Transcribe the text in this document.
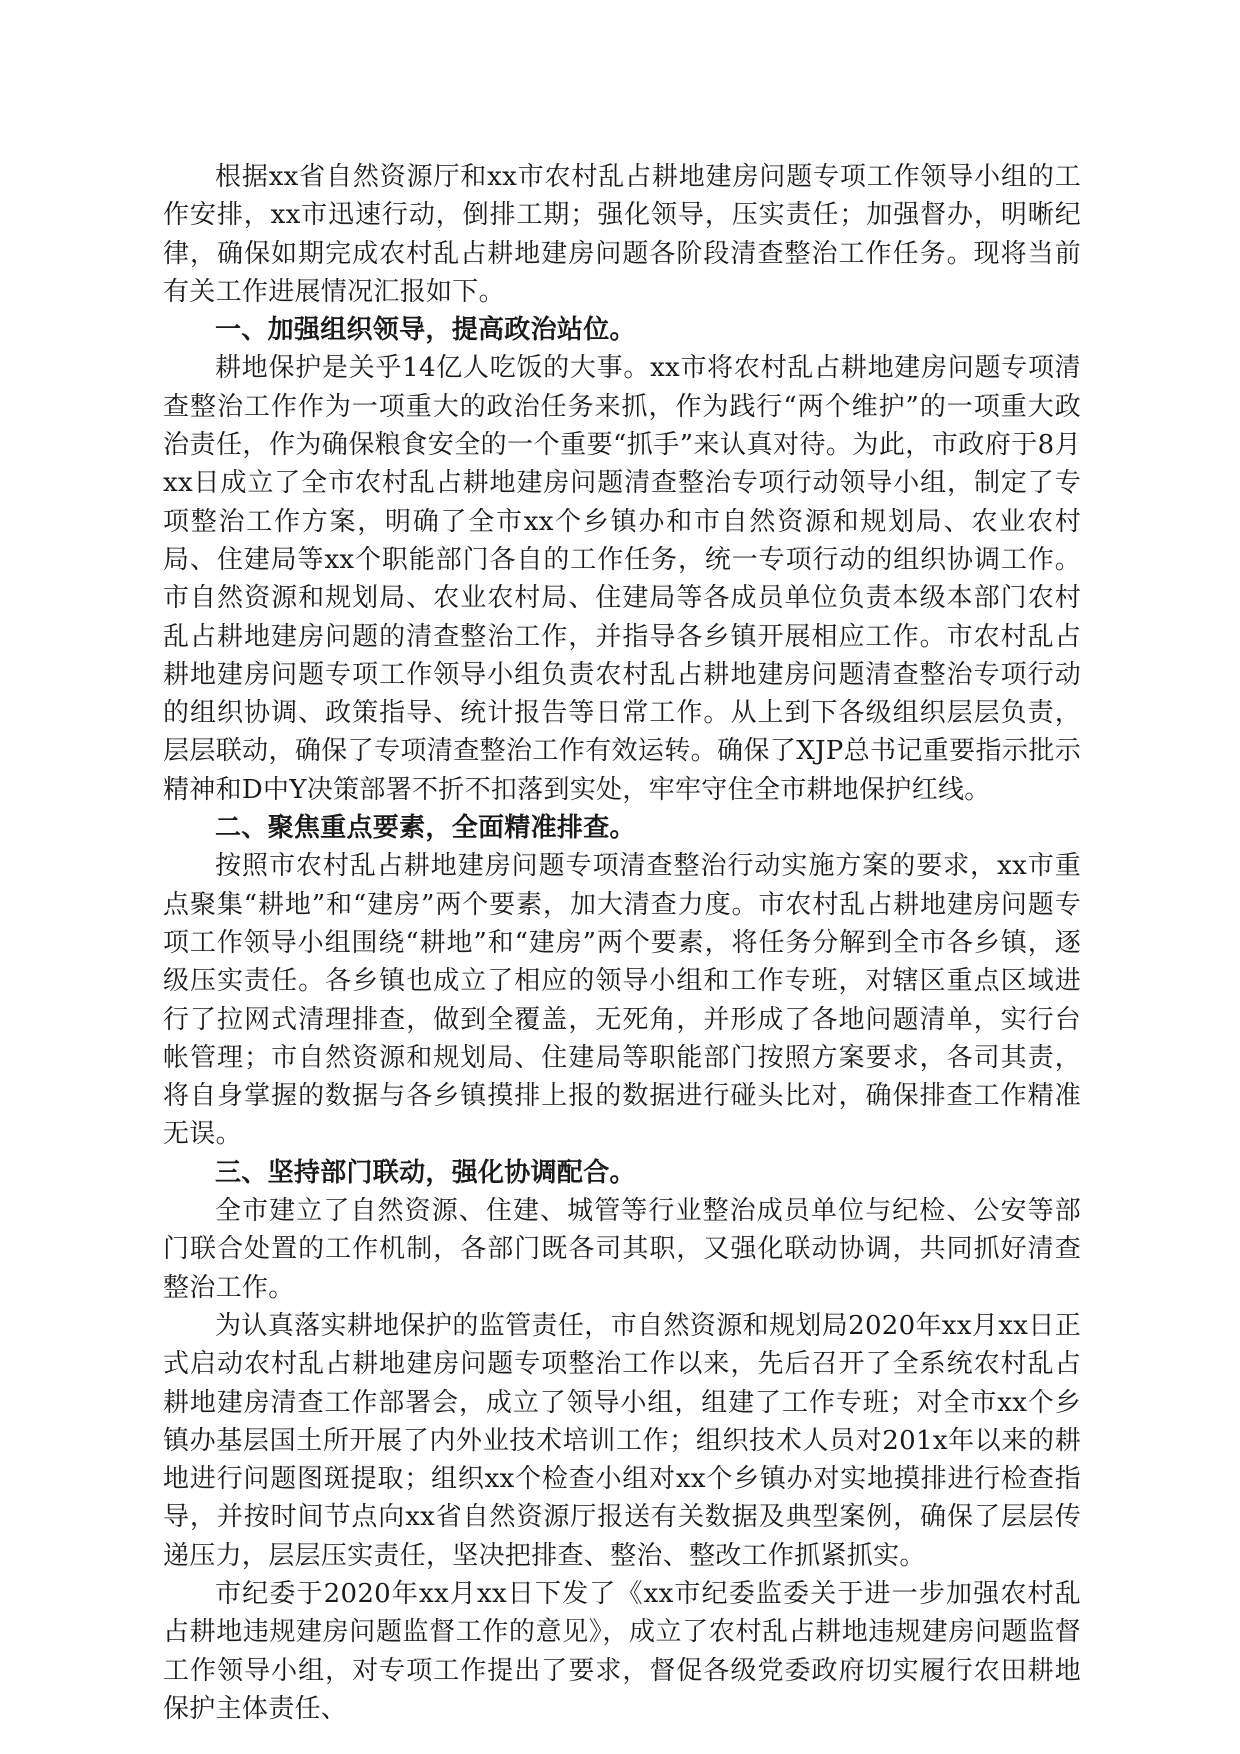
根据xx省自然资源厅和xx市农村乱占耕地建房问题专项工作领导小组的工作安排，xx市迅速行动，倒排工期；强化领导，压实责任；加强督办，明晰纪律，确保如期完成农村乱占耕地建房问题各阶段清查整治工作任务。现将当前有关工作进展情况汇报如下。

一、加强组织领导，提高政治站位。

耕地保护是关乎14亿人吃饭的大事。xx市将农村乱占耕地建房问题专项清查整治工作作为一项重大的政治任务来抓，作为践行“两个维护”的一项重大政治责任，作为确保粮食安全的一个重要“抓手”来认真对待。为此，市政府于8月xx日成立了全市农村乱占耕地建房问题清查整治专项行动领导小组，制定了专项整治工作方案，明确了全市xx个乡镇办和市自然资源和规划局、农业农村局、住建局等xx个职能部门各自的工作任务，统一专项行动的组织协调工作。市自然资源和规划局、农业农村局、住建局等各成员单位负责本级本部门农村乱占耕地建房问题的清查整治工作，并指导各乡镇开展相应工作。市农村乱占耕地建房问题专项工作领导小组负责农村乱占耕地建房问题清查整治专项行动的组织协调、政策指导、统计报告等日常工作。从上到下各级组织层层负责，层层联动，确保了专项清查整治工作有效运转。确保了XJP总书记重要指示批示精神和D中Y决策部署不折不扣落到实处，牢牢守住全市耕地保护红线。

二、聚焦重点要素，全面精准排查。

按照市农村乱占耕地建房问题专项清查整治行动实施方案的要求，xx市重点聚集“耕地”和“建房”两个要素，加大清查力度。市农村乱占耕地建房问题专项工作领导小组围绕“耕地”和“建房”两个要素，将任务分解到全市各乡镇，逐级压实责任。各乡镇也成立了相应的领导小组和工作专班，对辖区重点区域进行了拉网式清理排查，做到全覆盖，无死角，并形成了各地问题清单，实行台帐管理；市自然资源和规划局、住建局等职能部门按照方案要求，各司其责，将自身掌握的数据与各乡镇摸排上报的数据进行碰头比对，确保排查工作精准无误。

三、坚持部门联动，强化协调配合。

全市建立了自然资源、住建、城管等行业整治成员单位与纪检、公安等部门联合处置的工作机制，各部门既各司其职，又强化联动协调，共同抓好清查整治工作。

为认真落实耕地保护的监管责任，市自然资源和规划局2020年xx月xx日正式启动农村乱占耕地建房问题专项整治工作以来，先后召开了全系统农村乱占耕地建房清查工作部署会，成立了领导小组，组建了工作专班；对全市xx个乡镇办基层国土所开展了内外业技术培训工作；组织技术人员对201x年以来的耕地进行问题图斑提取；组织xx个检查小组对xx个乡镇办对实地摸排进行检查指导，并按时间节点向xx省自然资源厅报送有关数据及典型案例，确保了层层传递压力，层层压实责任，坚决把排查、整治、整改工作抓紧抓实。

市纪委于2020年xx月xx日下发了《xx市纪委监委关于进一步加强农村乱占耕地违规建房问题监督工作的意见》，成立了农村乱占耕地违规建房问题监督工作领导小组，对专项工作提出了要求，督促各级党委政府切实履行农田耕地保护主体责任、
